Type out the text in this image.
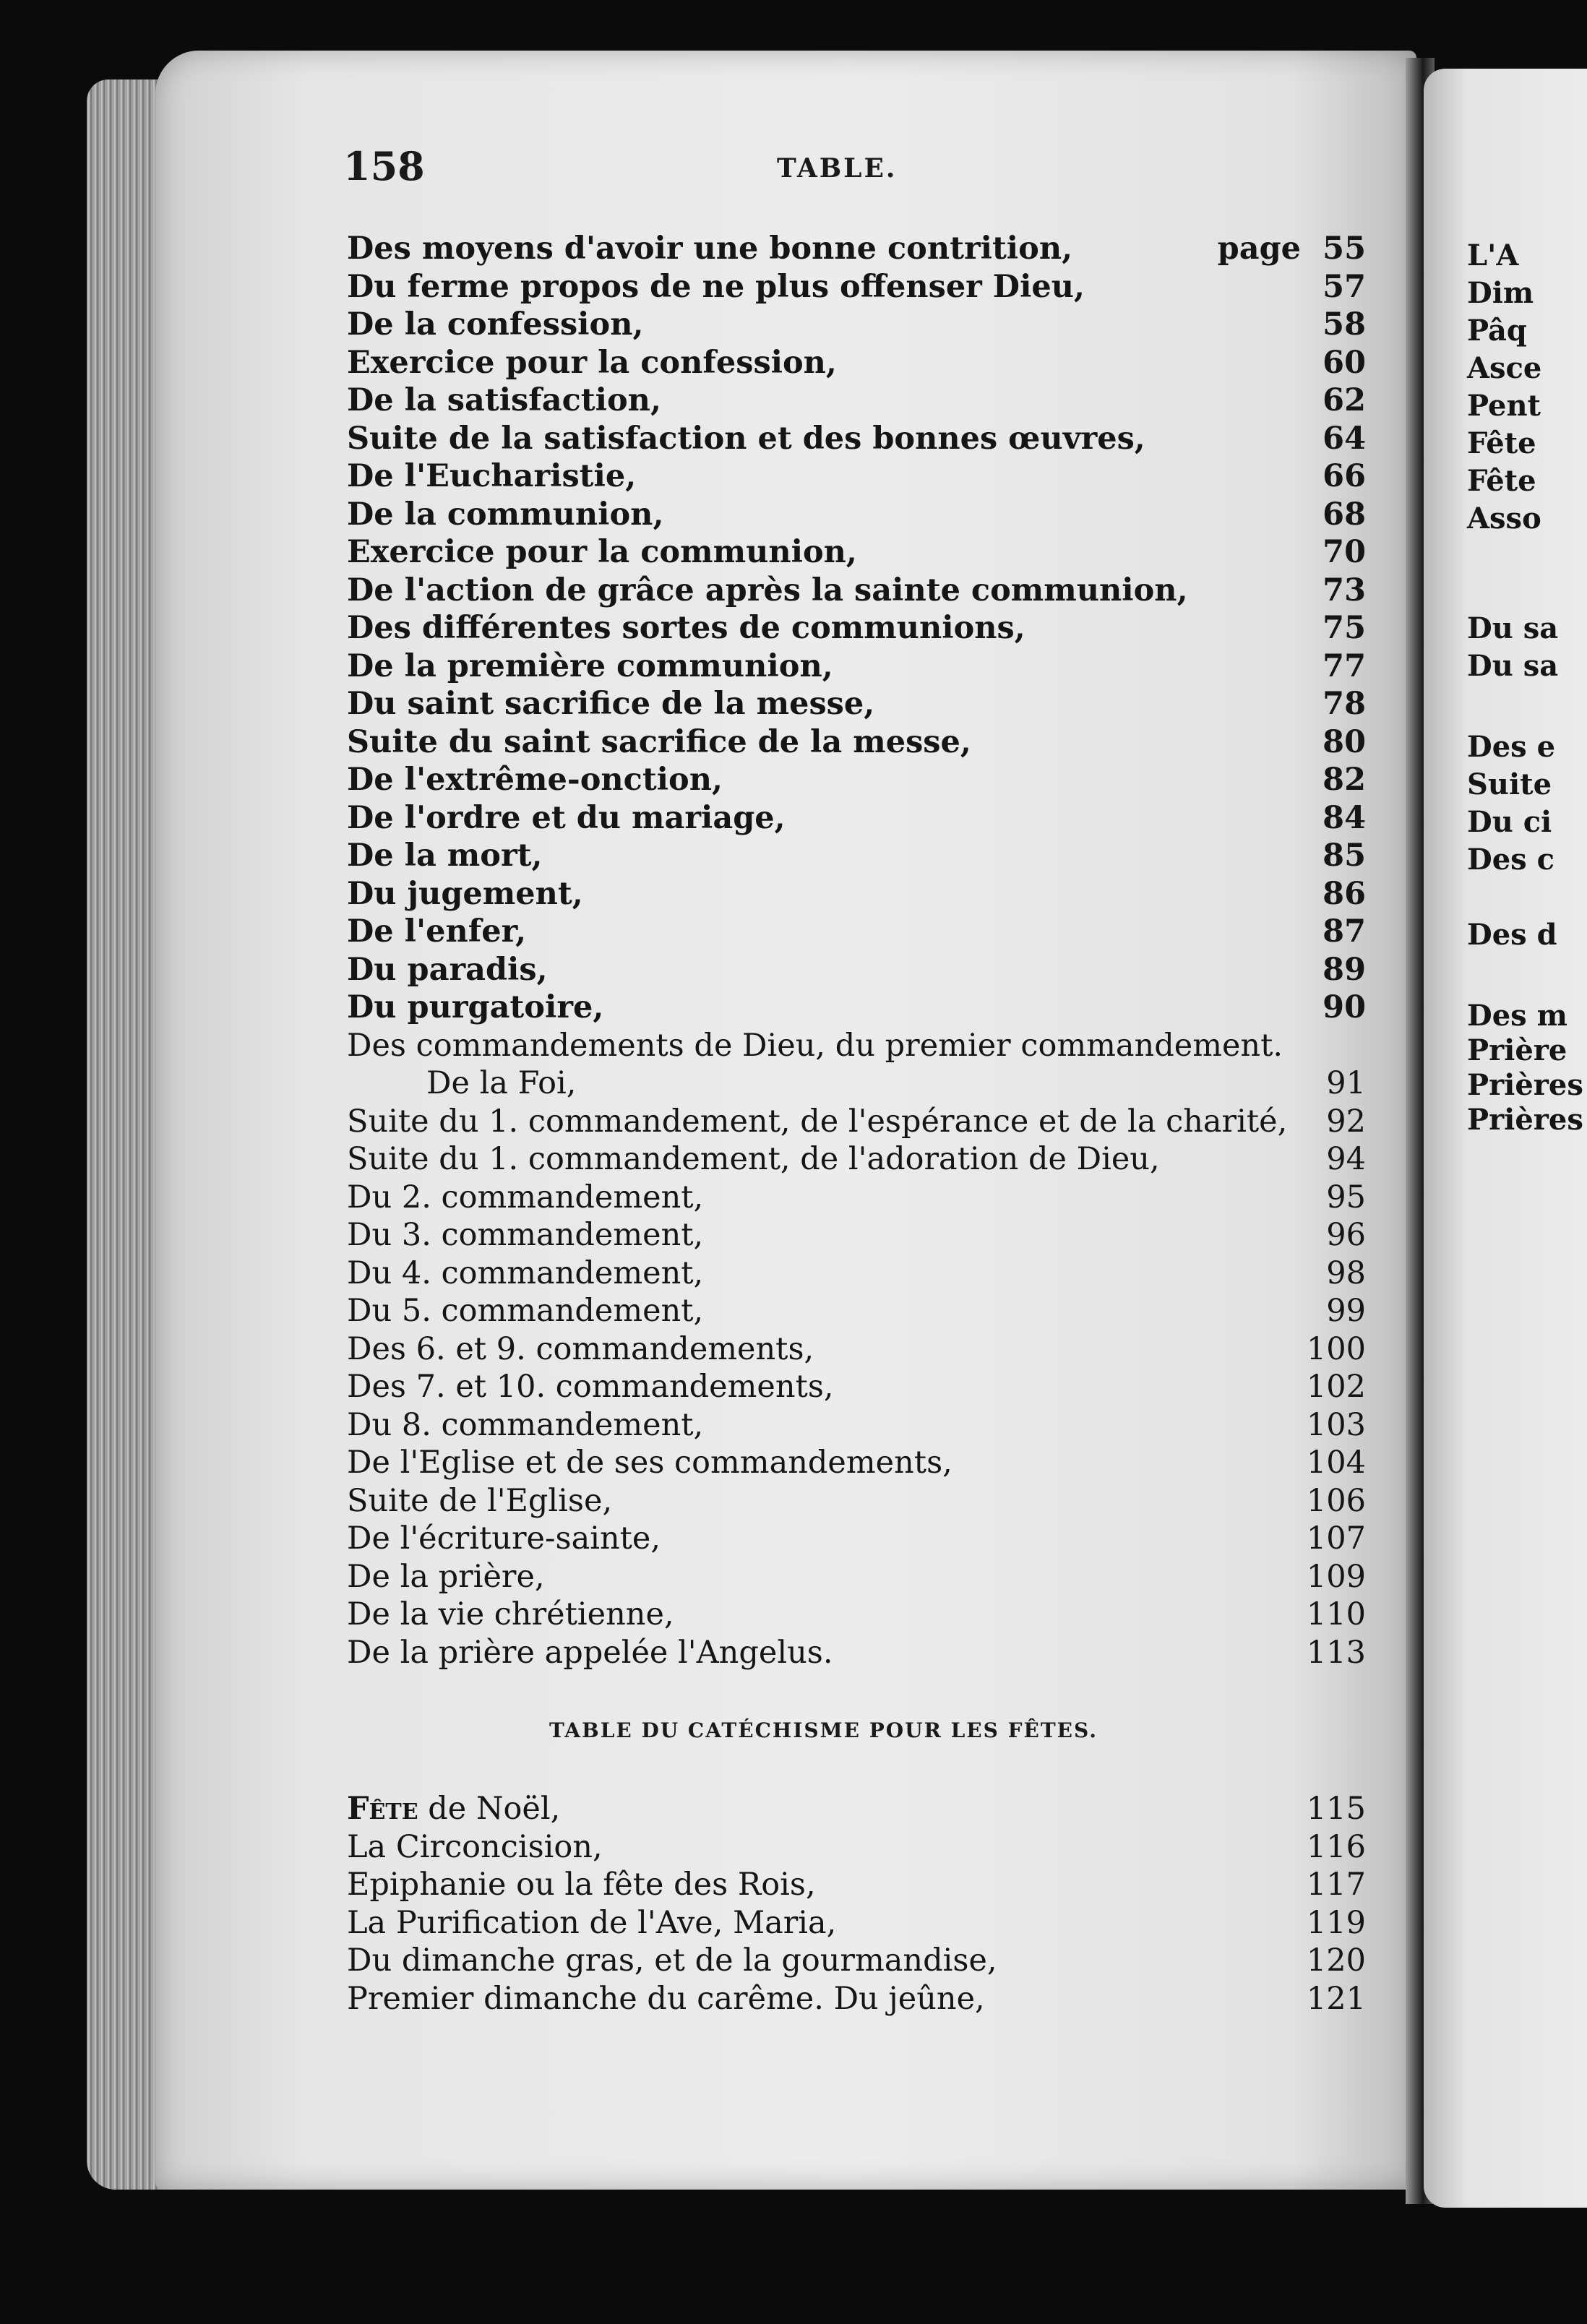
158	TABLE.
Des moyens d'avoir une bonne contrition,	page 55
Du ferme propos de ne plus offenser Dieu,	57
De la confession,	58
Exercice pour la confession,	60
De la satisfaction,	62
Suite de la satisfaction et des bonnes œuvres,	64
De l'Eucharistie,	66
De la communion,	68
Exercice pour la communion,	70
De l'action de grâce après la sainte communion,	73
Des différentes sortes de communions,	75
De la première communion,	77
Du saint sacrifice de la messe,	78
Suite du saint sacrifice de la messe,	80
De l'extrême-onction,	82
De l'ordre et du mariage,	84
De la mort,	85
Du jugement,	86
De l'enfer,	87
Du paradis,	89
Du purgatoire,	90
Des commandements de Dieu, du premier commandement.
De la Foi,	91
Suite du 1. commandement, de l'espérance et de la charité, 92
Suite du 1. commandement, de l'adoration de Dieu,	94
Du 2. commandement,	95
Du 3. commandement,	96
Du 4. commandement,	98
Du 5. commandement,	99
Des 6. et 9. commandements,	100
Des 7. et 10. commandements,	102
Du 8. commandement,	103
De l'Eglise et de ses commandements,	104
Suite de l'Eglise,	106
De l'écriture-sainte,	107
De la prière,	109
De la vie chrétienne,	110
De la prière appelée l'Angelus.	113
TABLE DU CATÉCHISME POUR LES FÊTES.
Fête de Noël,	115
La Circoncision,	116
Epiphanie ou la fête des Rois,	117
La Purification de l'Ave, Maria,	119
Du dimanche gras, et de la gourmandise,	120
Premier dimanche du carême. Du jeûne,	121
L'A
Dim
Pâq
Asce
Pent
Fête
Fête
Asso
Du sa
Du sa
Des e
Suite
Du ci
Des c
Des d
Des m
Prière
Prières
Prières
